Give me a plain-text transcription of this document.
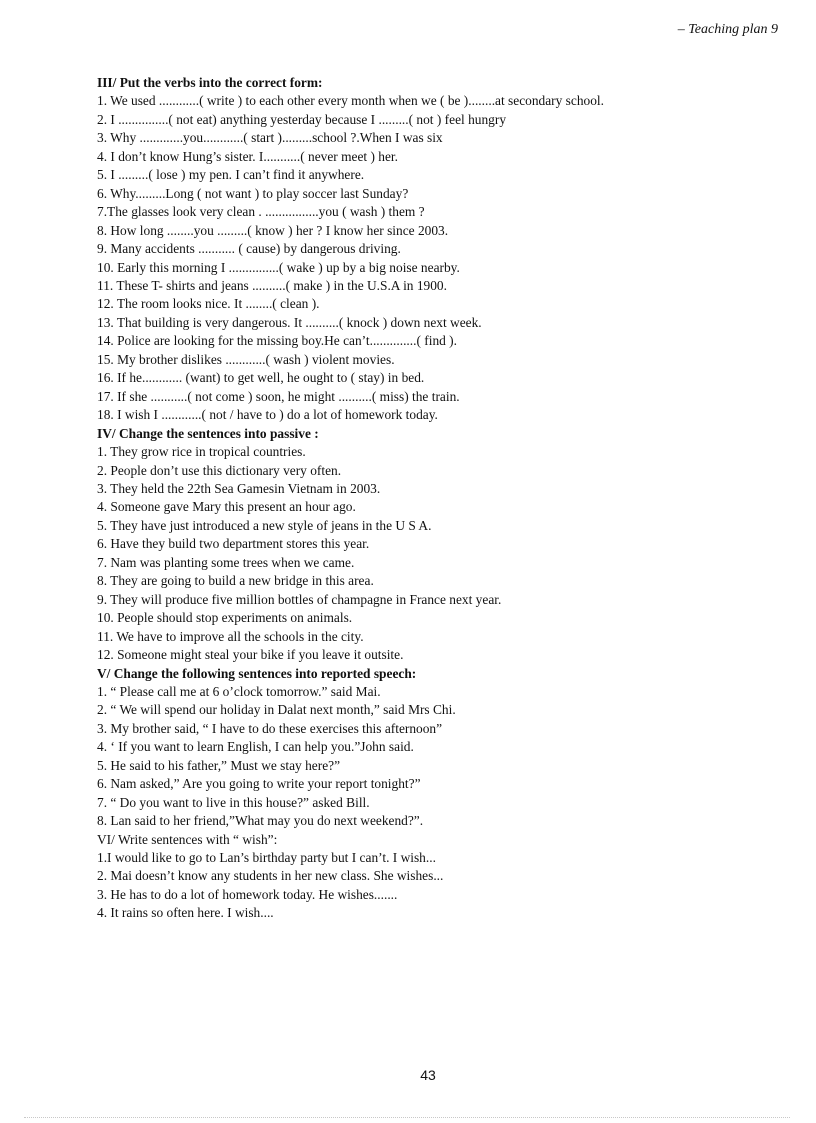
– Teaching plan 9
III/ Put the verbs into the correct form:
1. We used ............( write ) to each other every month when we ( be )........at secondary school.
2. I ...............( not eat) anything yesterday because I .........( not ) feel hungry
3. Why .............you............( start ).........school ?.When I was six
4. I don’t know Hung’s sister. I...........( never meet ) her.
5. I .........( lose ) my pen. I can’t find it anywhere.
6. Why.........Long ( not want ) to play soccer last Sunday?
7.The glasses look very clean . ................you ( wash ) them ?
8. How long ........you .........( know ) her ? I know her since 2003.
9. Many accidents ........... ( cause) by dangerous driving.
10. Early this morning I ...............( wake ) up by a big noise nearby.
11. These T- shirts and jeans ..........( make ) in the U.S.A in 1900.
12. The room looks nice. It ........( clean ).
13. That building is very dangerous. It ..........( knock ) down next week.
14. Police are looking for the missing boy.He can’t..............( find ).
15. My brother dislikes ............( wash ) violent movies.
16. If he............ (want) to get well, he ought to ( stay) in bed.
17. If she ...........( not come ) soon, he might ..........( miss) the train.
18. I wish I ............( not / have to ) do a lot of homework today.
IV/ Change the sentences into passive :
1. They grow rice in tropical countries.
2. People don’t use this dictionary very often.
3. They held the 22th Sea Gamesin Vietnam in 2003.
4. Someone gave Mary this present an hour ago.
5. They have just introduced a new style of jeans in the U S A.
6. Have they build two department stores this year.
7. Nam was planting some trees when we came.
8. They are going to build a new bridge in this area.
9. They will produce five million bottles of champagne in France next year.
10. People should stop experiments on animals.
11. We have to improve all the schools in the city.
12. Someone might steal your bike if you leave it outsite.
V/ Change the following sentences into reported speech:
1. “ Please call me at 6 o’clock tomorrow.” said Mai.
2. “ We will spend our holiday in Dalat next month,” said Mrs Chi.
3. My brother said, “ I have to do these exercises this afternoon”
4. ‘ If you want to learn English, I can help you.”John said.
5. He said to his father,” Must we stay here?”
6. Nam asked,” Are you going to write your report tonight?”
7. “ Do you want to live in this house?” asked Bill.
8. Lan said to her friend,”What may you do next weekend?”.
VI/ Write sentences with “ wish”:
1.I would like to go to Lan’s birthday party but I can’t. I wish...
2. Mai doesn’t know any students in her new class. She wishes...
3. He has to do a lot of homework today. He wishes.......
4. It rains so often here. I wish....
43
